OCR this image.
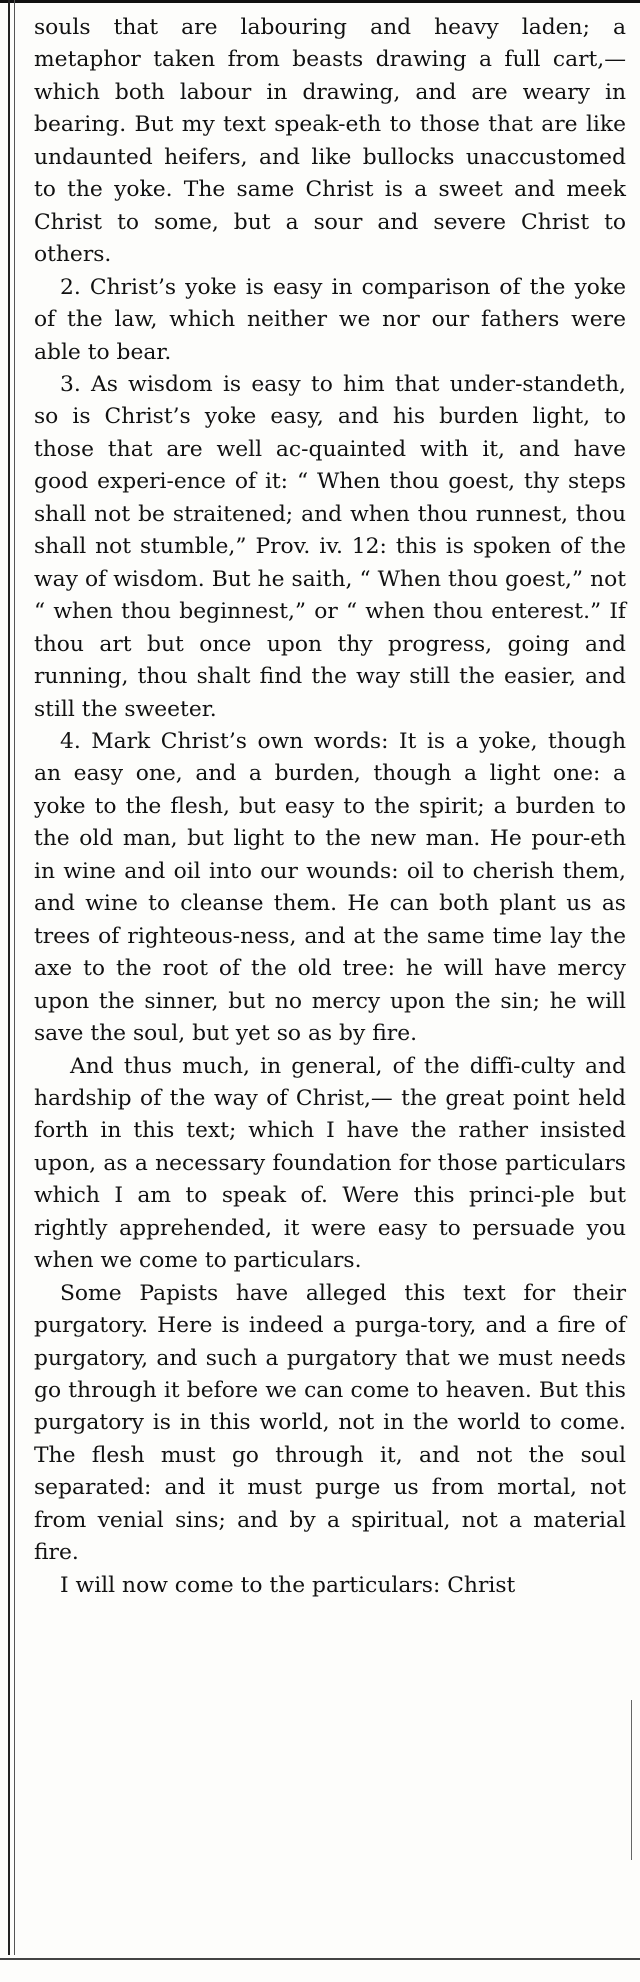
souls that are labouring and heavy laden; a metaphor taken from beasts drawing a full cart,—which both labour in drawing, and are weary in bearing. But my text speak-eth to those that are like undaunted heifers, and like bullocks unaccustomed to the yoke. The same Christ is a sweet and meek Christ to some, but a sour and severe Christ to others.

2. Christ’s yoke is easy in comparison of the yoke of the law, which neither we nor our fathers were able to bear.

3. As wisdom is easy to him that under-standeth, so is Christ’s yoke easy, and his burden light, to those that are well ac-quainted with it, and have good experi-ence of it: “ When thou goest, thy steps shall not be straitened; and when thou runnest, thou shall not stumble,” Prov. iv. 12: this is spoken of the way of wisdom. But he saith, “ When thou goest,” not “ when thou beginnest,” or “ when thou enterest.” If thou art but once upon thy progress, going and running, thou shalt find the way still the easier, and still the sweeter.

4. Mark Christ’s own words: It is a yoke, though an easy one, and a burden, though a light one: a yoke to the flesh, but easy to the spirit; a burden to the old man, but light to the new man. He pour-eth in wine and oil into our wounds: oil to cherish them, and wine to cleanse them. He can both plant us as trees of righteous-ness, and at the same time lay the axe to the root of the old tree: he will have mercy upon the sinner, but no mercy upon the sin; he will save the soul, but yet so as by fire.

And thus much, in general, of the diffi-culty and hardship of the way of Christ,— the great point held forth in this text; which I have the rather insisted upon, as a necessary foundation for those particulars which I am to speak of. Were this princi-ple but rightly apprehended, it were easy to persuade you when we come to particulars.

Some Papists have alleged this text for their purgatory. Here is indeed a purga-tory, and a fire of purgatory, and such a purgatory that we must needs go through it before we can come to heaven. But this purgatory is in this world, not in the world to come. The flesh must go through it, and not the soul separated: and it must purge us from mortal, not from venial sins; and by a spiritual, not a material fire.

I will now come to the particulars: Christ
